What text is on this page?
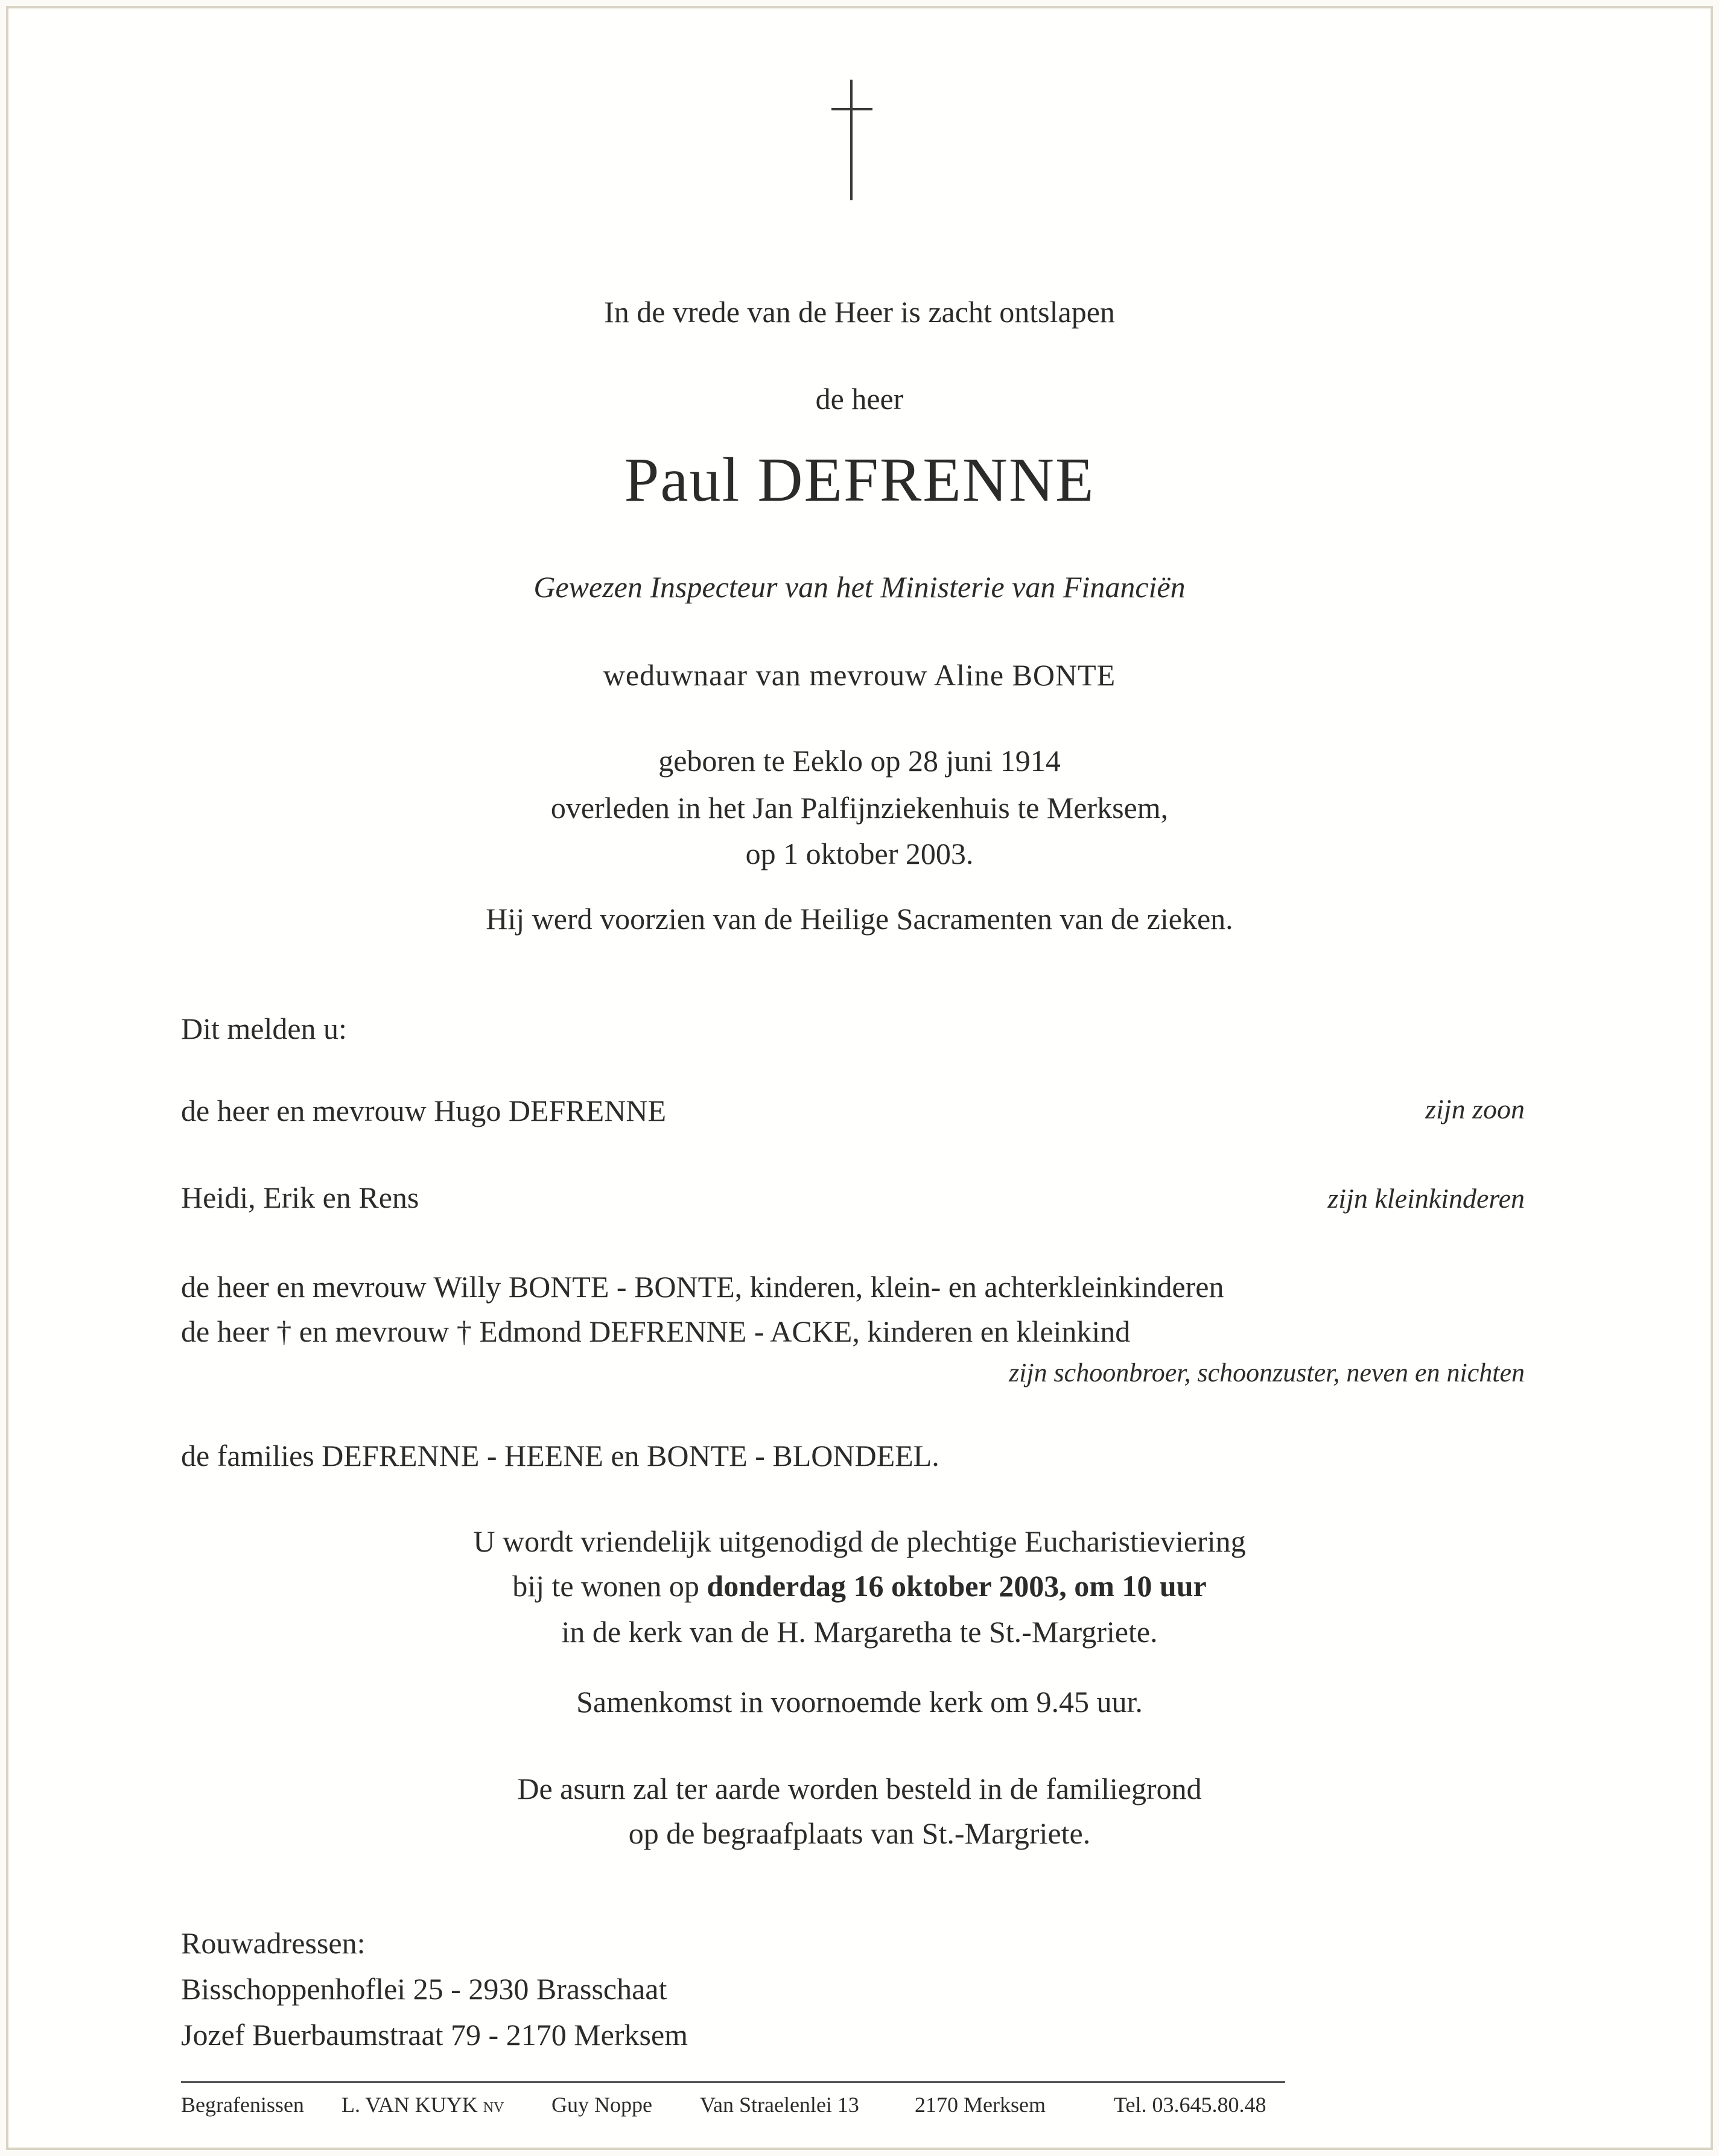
In de vrede van de Heer is zacht ontslapen
de heer
Paul DEFRENNE
Gewezen Inspecteur van het Ministerie van Financiën
weduwnaar van mevrouw Aline BONTE
geboren te Eeklo op 28 juni 1914
overleden in het Jan Palfijnziekenhuis te Merksem,
op 1 oktober 2003.
Hij werd voorzien van de Heilige Sacramenten van de zieken.
Dit melden u:
de heer en mevrouw Hugo DEFRENNE	zijn zoon
Heidi, Erik en Rens	zijn kleinkinderen
de heer en mevrouw Willy BONTE - BONTE, kinderen, klein- en achterkleinkinderen
de heer † en mevrouw † Edmond DEFRENNE - ACKE, kinderen en kleinkind
zijn schoonbroer, schoonzuster, neven en nichten
de families DEFRENNE - HEENE en BONTE - BLONDEEL.
U wordt vriendelijk uitgenodigd de plechtige Eucharistieviering
bij te wonen op donderdag 16 oktober 2003, om 10 uur
in de kerk van de H. Margaretha te St.-Margriete.
Samenkomst in voornoemde kerk om 9.45 uur.
De asurn zal ter aarde worden besteld in de familiegrond
op de begraafplaats van St.-Margriete.
Rouwadressen:
Bisschoppenhoflei 25 - 2930 Brasschaat
Jozef Buerbaumstraat 79 - 2170 Merksem
Begrafenissen L. VAN KUYK NV Guy Noppe Van Straelenlei 13	2170 Merksem	Tel. 03.645.80.48
